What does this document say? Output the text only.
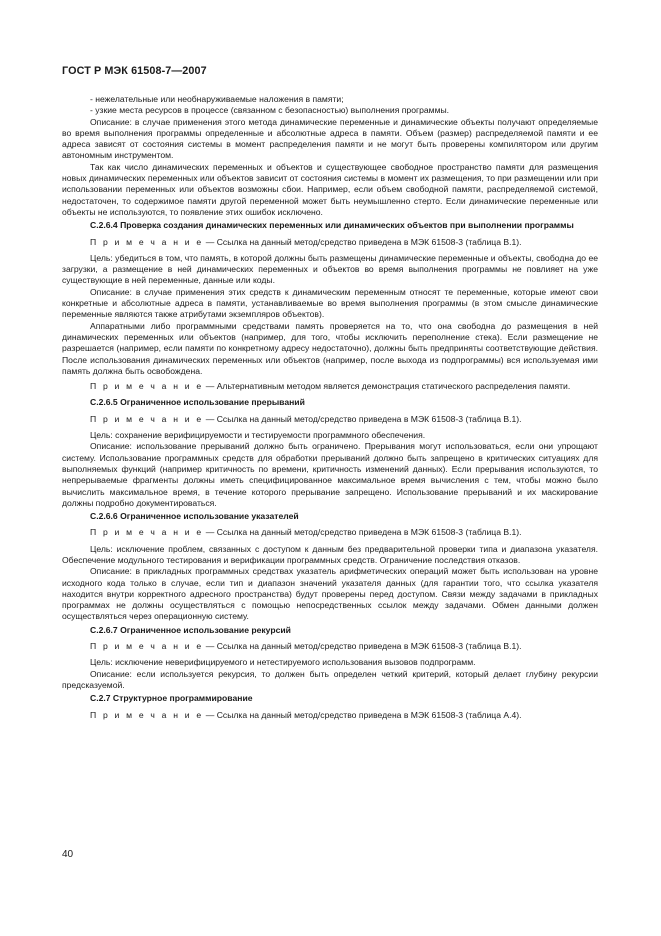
ГОСТ Р МЭК 61508-7—2007

- нежелательные или необнаруживаемые наложения в памяти;

- узкие места ресурсов в процессе (связанном с безопасностью) выполнения программы.

Описание: в случае применения этого метода динамические переменные и динамические объекты получают определяемые во время выполнения программы определенные и абсолютные адреса в памяти. Объем (размер) распределяемой памяти и ее адреса зависят от состояния системы в момент распределения памяти и не могут быть проверены компилятором или другим автономным инструментом.

Так как число динамических переменных и объектов и существующее свободное пространство памяти для размещения новых динамических переменных или объектов зависит от состояния системы в момент их размещения, то при размещении или при использовании переменных или объектов возможны сбои. Например, если объем свободной памяти, распределяемой системой, недостаточен, то содержимое памяти другой переменной может быть неумышленно стерто. Если динамические переменные или объекты не используются, то появление этих ошибок исключено.

C.2.6.4 Проверка создания динамических переменных или динамических объектов при выполнении программы

П р и м е ч а н и е — Ссылка на данный метод/средство приведена в МЭК 61508-3 (таблица B.1).

Цель: убедиться в том, что память, в которой должны быть размещены динамические переменные и объекты, свободна до ее загрузки, а размещение в ней динамических переменных и объектов во время выполнения программы не повлияет на уже существующие в ней переменные, данные или коды.

Описание: в случае применения этих средств к динамическим переменным относят те переменные, которые имеют свои конкретные и абсолютные адреса в памяти, устанавливаемые во время выполнения программы (в этом смысле динамические переменные являются также атрибутами экземпляров объектов).

Аппаратными либо программными средствами память проверяется на то, что она свободна до размещения в ней динамических переменных или объектов (например, для того, чтобы исключить переполнение стека). Если размещение не разрешается (например, если памяти по конкретному адресу недостаточно), должны быть предприняты соответствующие действия. После использования динамических переменных или объектов (например, после выхода из подпрограммы) вся используемая ими память должна быть освобождена.

П р и м е ч а н и е — Альтернативным методом является демонстрация статического распределения памяти.

C.2.6.5 Ограниченное использование прерываний

П р и м е ч а н и е — Ссылка на данный метод/средство приведена в МЭК 61508-3 (таблица B.1).

Цель: сохранение верифицируемости и тестируемости программного обеспечения.

Описание: использование прерываний должно быть ограничено. Прерывания могут использоваться, если они упрощают систему. Использование программных средств для обработки прерываний должно быть запрещено в критических ситуациях для выполняемых функций (например критичность по времени, критичность изменений данных). Если прерывания используются, то непрерываемые фрагменты должны иметь специфицированное максимальное время вычисления с тем, чтобы можно было вычислить максимальное время, в течение которого прерывание запрещено. Использование прерываний и их маскирование должны подробно документироваться.

C.2.6.6 Ограниченное использование указателей

П р и м е ч а н и е — Ссылка на данный метод/средство приведена в МЭК 61508-3 (таблица B.1).

Цель: исключение проблем, связанных с доступом к данным без предварительной проверки типа и диапазона указателя. Обеспечение модульного тестирования и верификации программных средств. Ограничение последствия отказов.

Описание: в прикладных программных средствах указатель арифметических операций может быть использован на уровне исходного кода только в случае, если тип и диапазон значений указателя данных (для гарантии того, что ссылка указателя находится внутри корректного адресного пространства) будут проверены перед доступом. Связи между задачами в прикладных программах не должны осуществляться с помощью непосредственных ссылок между задачами. Обмен данными должен осуществляться через операционную систему.

C.2.6.7 Ограниченное использование рекурсий

П р и м е ч а н и е — Ссылка на данный метод/средство приведена в МЭК 61508-3 (таблица B.1).

Цель: исключение неверифицируемого и нетестируемого использования вызовов подпрограмм.

Описание: если используется рекурсия, то должен быть определен четкий критерий, который делает глубину рекурсии предсказуемой.

C.2.7 Структурное программирование

П р и м е ч а н и е — Ссылка на данный метод/средство приведена в МЭК 61508-3 (таблица A.4).

40
